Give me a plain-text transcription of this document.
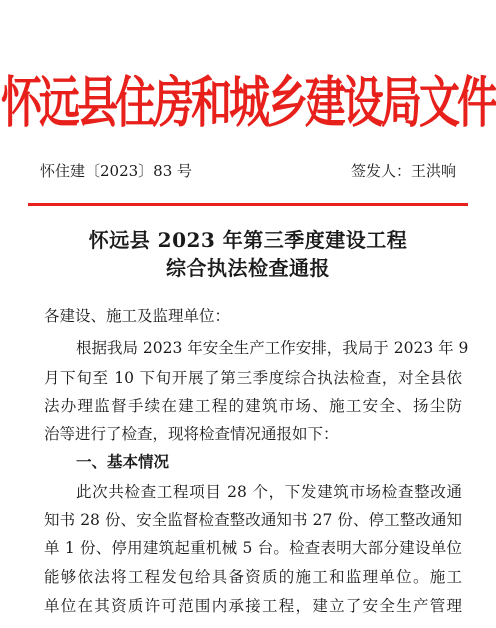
怀远县住房和城乡建设局文件
怀住建〔2023〕83 号	签发人：王洪响
怀远县 2023 年第三季度建设工程
综合执法检查通报
各建设、施工及监理单位：
根据我局 2023 年安全生产工作安排，我局于 2023 年 9
月下旬至 10 下旬开展了第三季度综合执法检查，对全县依
法办理监督手续在建工程的建筑市场、施工安全、扬尘防
治等进行了检查，现将检查情况通报如下：
一、基本情况
此次共检查工程项目 28 个，下发建筑市场检查整改通
知书 28 份、安全监督检查整改通知书 27 份、停工整改通知
单 1 份、停用建筑起重机械 5 台。检查表明大部分建设单位
能够依法将工程发包给具备资质的施工和监理单位。施工
单位在其资质许可范围内承接工程，建立了安全生产管理
